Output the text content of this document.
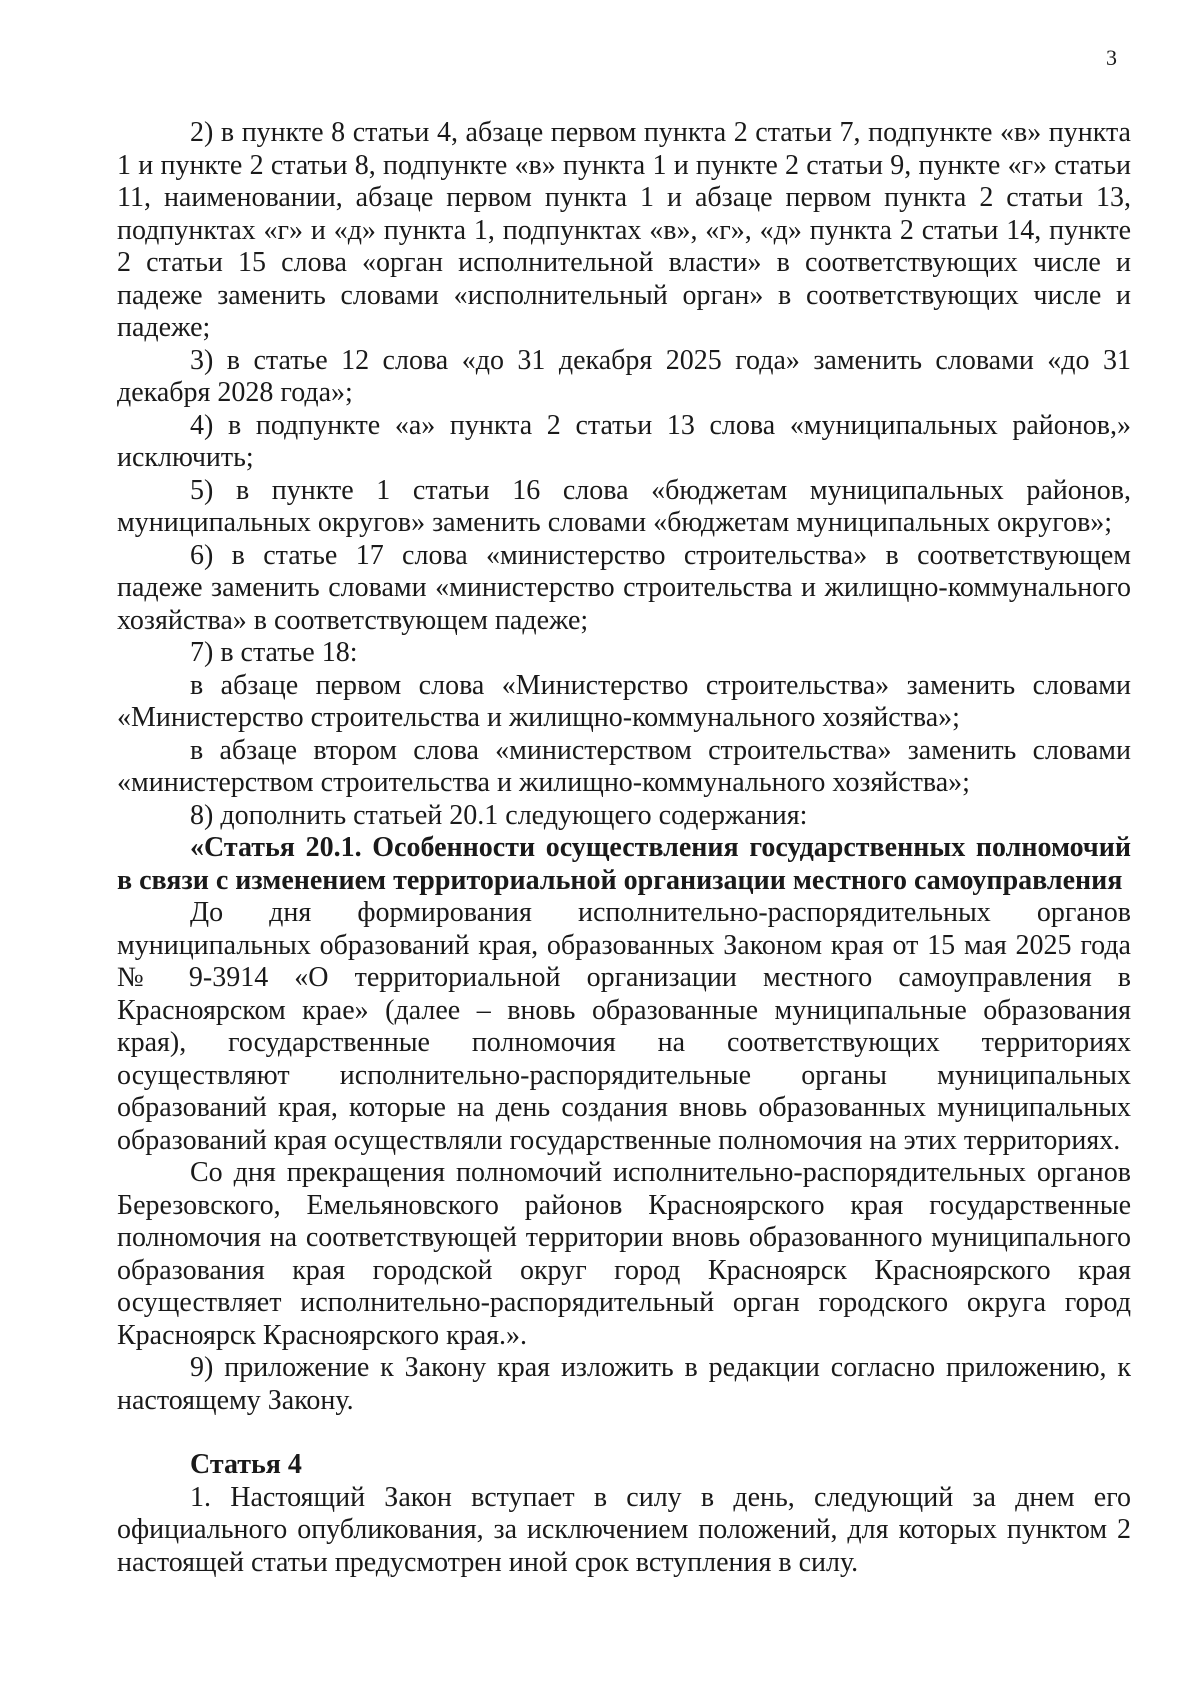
3

2) в пункте 8 статьи 4, абзаце первом пункта 2 статьи 7, подпункте «в» пункта 1 и пункте 2 статьи 8, подпункте «в» пункта 1 и пункте 2 статьи 9, пункте «г» статьи 11, наименовании, абзаце первом пункта 1 и абзаце первом пункта 2 статьи 13, подпунктах «г» и «д» пункта 1, подпунктах «в», «г», «д» пункта 2 статьи 14, пункте 2 статьи 15 слова «орган исполнительной власти» в соответствующих числе и падеже заменить словами «исполнительный орган» в соответствующих числе и падеже;

3) в статье 12 слова «до 31 декабря 2025 года» заменить словами «до 31 декабря 2028 года»;

4) в подпункте «а» пункта 2 статьи 13 слова «муниципальных районов,» исключить;

5) в пункте 1 статьи 16 слова «бюджетам муниципальных районов, муниципальных округов» заменить словами «бюджетам муниципальных округов»;

6) в статье 17 слова «министерство строительства» в соответствующем падеже заменить словами «министерство строительства и жилищно-коммунального хозяйства» в соответствующем падеже;

7) в статье 18:

в абзаце первом слова «Министерство строительства» заменить словами «Министерство строительства и жилищно-коммунального хозяйства»;

в абзаце втором слова «министерством строительства» заменить словами «министерством строительства и жилищно-коммунального хозяйства»;

8) дополнить статьей 20.1 следующего содержания:

«Статья 20.1. Особенности осуществления государственных полномочий в связи с изменением территориальной организации местного самоуправления

До дня формирования исполнительно-распорядительных органов муниципальных образований края, образованных Законом края от 15 мая 2025 года № 9-3914 «О территориальной организации местного самоуправления в Красноярском крае» (далее – вновь образованные муниципальные образования края), государственные полномочия на соответствующих территориях осуществляют исполнительно-распорядительные органы муниципальных образований края, которые на день создания вновь образованных муниципальных образований края осуществляли государственные полномочия на этих территориях.

Со дня прекращения полномочий исполнительно-распорядительных органов Березовского, Емельяновского районов Красноярского края государственные полномочия на соответствующей территории вновь образованного муниципального образования края городской округ город Красноярск Красноярского края осуществляет исполнительно-распорядительный орган городского округа город Красноярск Красноярского края.».

9) приложение к Закону края изложить в редакции согласно приложению, к настоящему Закону.

Статья 4

1. Настоящий Закон вступает в силу в день, следующий за днем его официального опубликования, за исключением положений, для которых пунктом 2 настоящей статьи предусмотрен иной срок вступления в силу.
